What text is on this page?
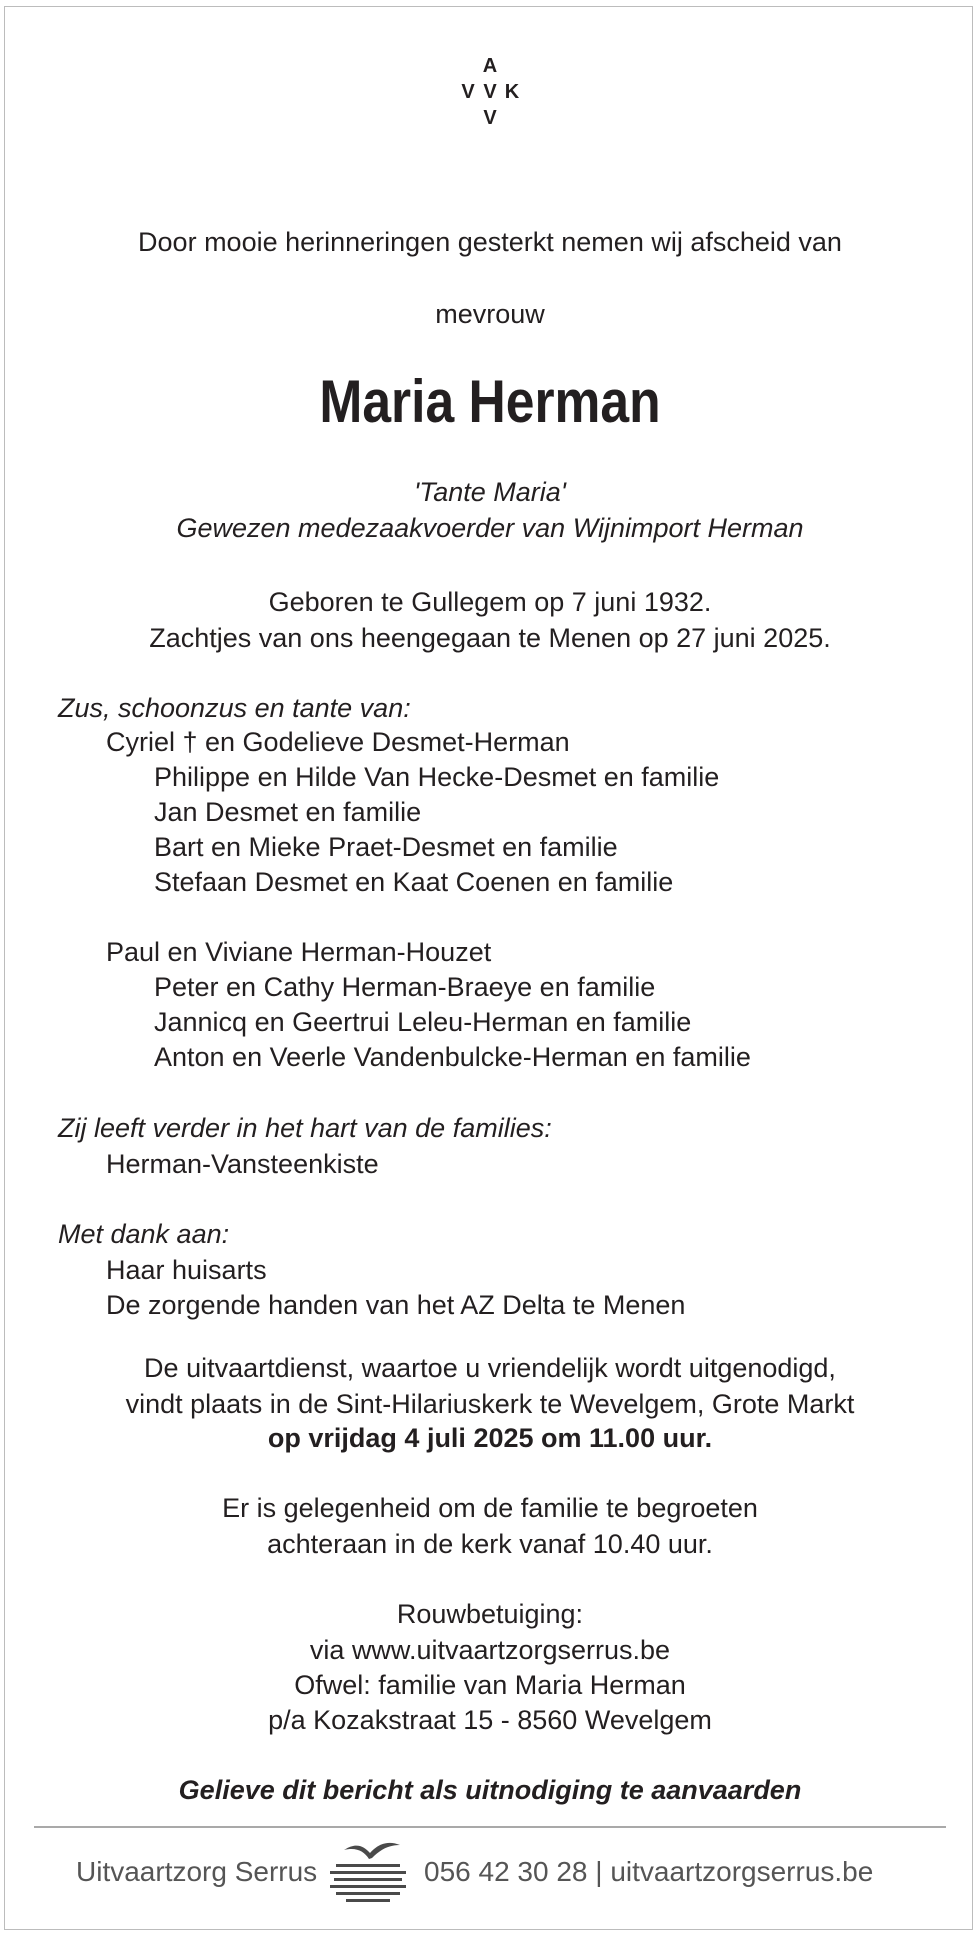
A
V V K
V
Door mooie herinneringen gesterkt nemen wij afscheid van
mevrouw
Maria Herman
'Tante Maria'
Gewezen medezaakvoerder van Wijnimport Herman
Geboren te Gullegem op 7 juni 1932.
Zachtjes van ons heengegaan te Menen op 27 juni 2025.
Zus, schoonzus en tante van:
Cyriel † en Godelieve Desmet-Herman
Philippe en Hilde Van Hecke-Desmet en familie
Jan Desmet en familie
Bart en Mieke Praet-Desmet en familie
Stefaan Desmet en Kaat Coenen en familie
Paul en Viviane Herman-Houzet
Peter en Cathy Herman-Braeye en familie
Jannicq en Geertrui Leleu-Herman en familie
Anton en Veerle Vandenbulcke-Herman en familie
Zij leeft verder in het hart van de families:
Herman-Vansteenkiste
Met dank aan:
Haar huisarts
De zorgende handen van het AZ Delta te Menen
De uitvaartdienst, waartoe u vriendelijk wordt uitgenodigd,
vindt plaats in de Sint-Hilariuskerk te Wevelgem, Grote Markt
op vrijdag 4 juli 2025 om 11.00 uur.
Er is gelegenheid om de familie te begroeten
achteraan in de kerk vanaf 10.40 uur.
Rouwbetuiging:
via www.uitvaartzorgserrus.be
Ofwel: familie van Maria Herman
p/a Kozakstraat 15 - 8560 Wevelgem
Gelieve dit bericht als uitnodiging te aanvaarden
Uitvaartzorg Serrus	056 42 30 28 | uitvaartzorgserrus.be
